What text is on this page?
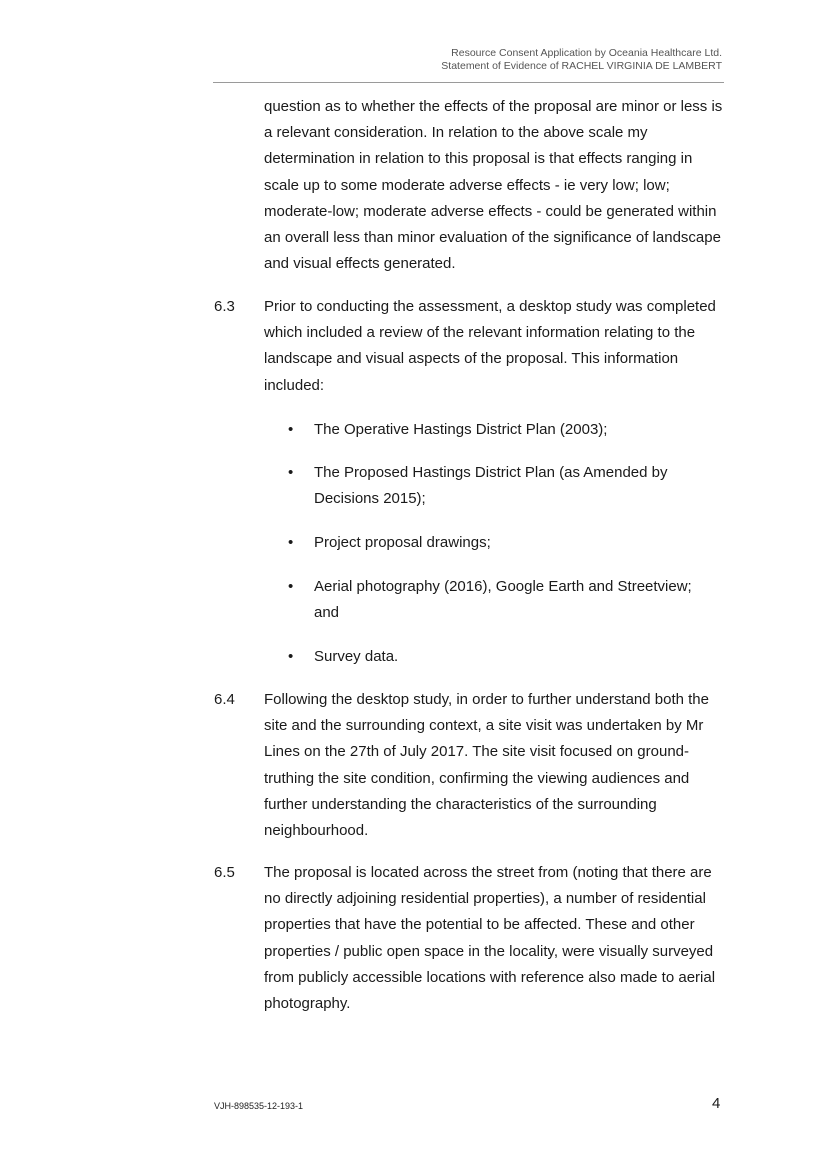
Resource Consent Application by Oceania Healthcare Ltd.
Statement of Evidence of RACHEL VIRGINIA DE LAMBERT
question as to whether the effects of the proposal are minor or less is a relevant consideration. In relation to the above scale my determination in relation to this proposal is that effects ranging in scale up to some moderate adverse effects - ie very low; low; moderate-low; moderate adverse effects - could be generated within an overall less than minor evaluation of the significance of landscape and visual effects generated.
6.3 Prior to conducting the assessment, a desktop study was completed which included a review of the relevant information relating to the landscape and visual aspects of the proposal. This information included:
• The Operative Hastings District Plan (2003);
• The Proposed Hastings District Plan (as Amended by Decisions 2015);
• Project proposal drawings;
• Aerial photography (2016), Google Earth and Streetview; and
• Survey data.
6.4 Following the desktop study, in order to further understand both the site and the surrounding context, a site visit was undertaken by Mr Lines on the 27th of July 2017. The site visit focused on ground-truthing the site condition, confirming the viewing audiences and further understanding the characteristics of the surrounding neighbourhood.
6.5 The proposal is located across the street from (noting that there are no directly adjoining residential properties), a number of residential properties that have the potential to be affected. These and other properties / public open space in the locality, were visually surveyed from publicly accessible locations with reference also made to aerial photography.
VJH-898535-12-193-1	4
